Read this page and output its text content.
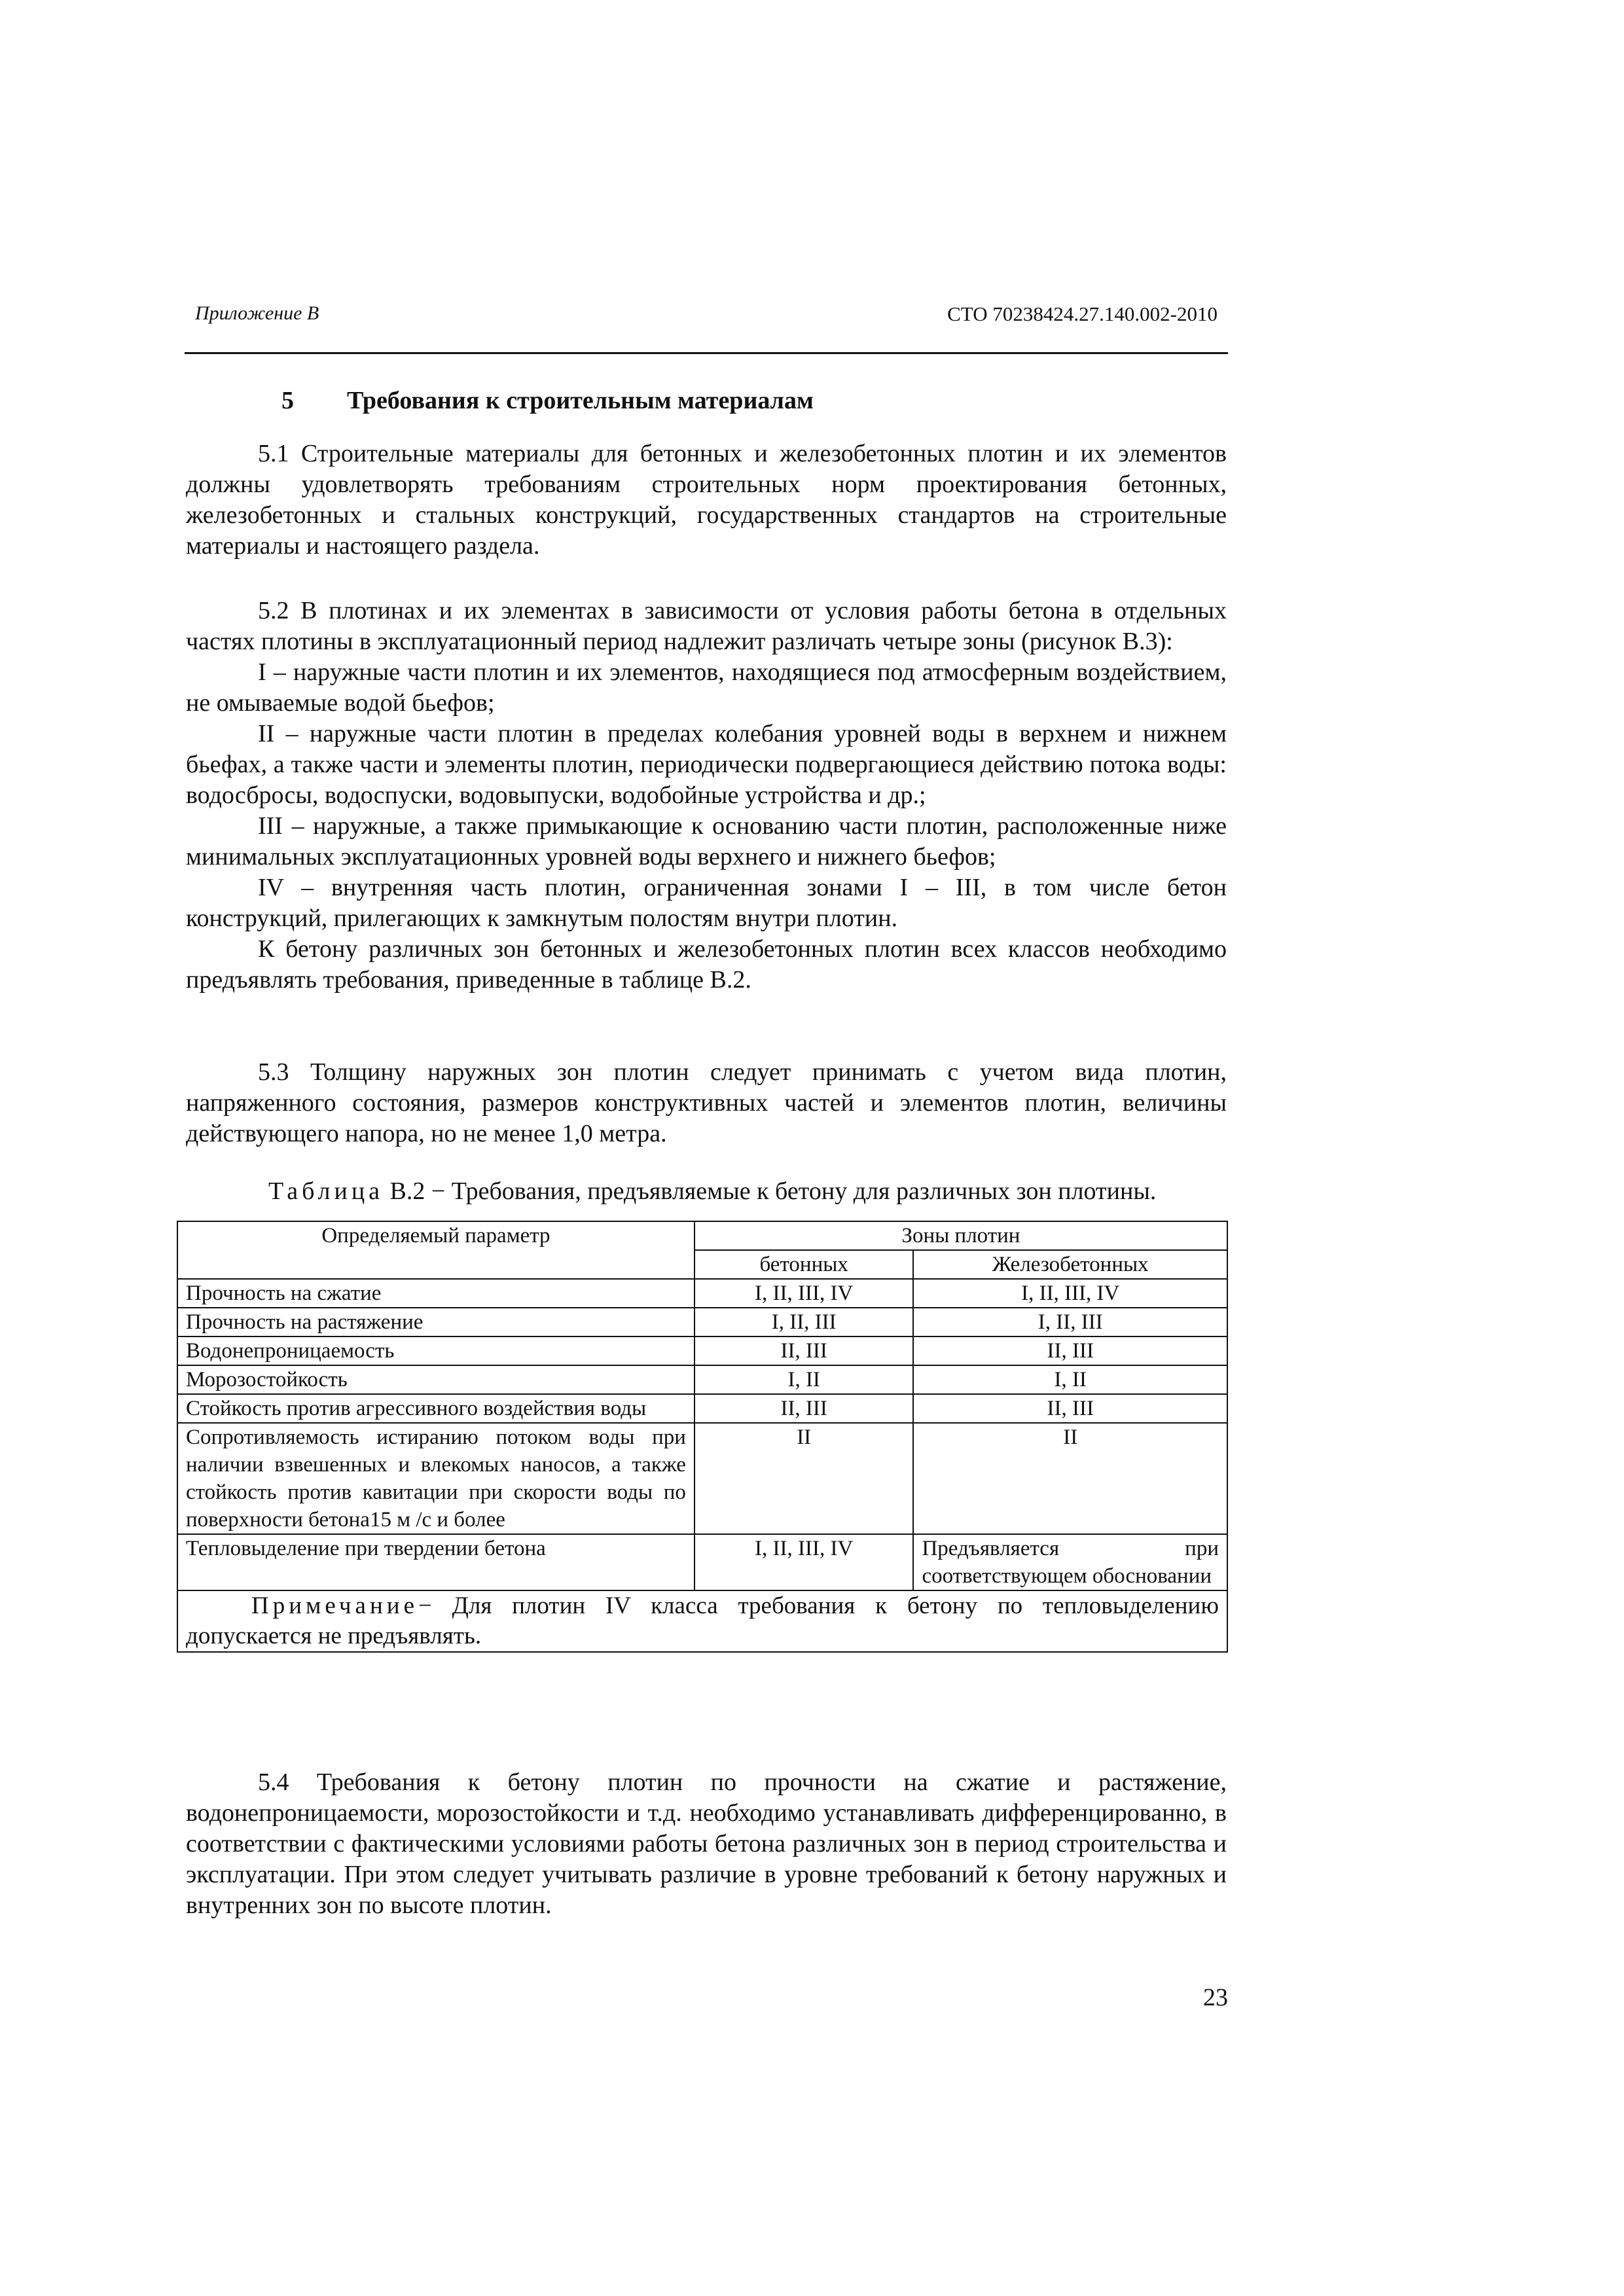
Приложение В	СТО 70238424.27.140.002-2010
5 Требования к строительным материалам

5.1 Строительные материалы для бетонных и железобетонных плотин и их элементов должны удовлетворять требованиям строительных норм проектирования бетонных, железобетонных и стальных конструкций, государственных стандартов на строительные материалы и настоящего раздела.

5.2 В плотинах и их элементах в зависимости от условия работы бетона в отдельных частях плотины в эксплуатационный период надлежит различать четыре зоны (рисунок В.3):

I – наружные части плотин и их элементов, находящиеся под атмосферным воздействием, не омываемые водой бьефов;

II – наружные части плотин в пределах колебания уровней воды в верхнем и нижнем бьефах, а также части и элементы плотин, периодически подвергающиеся действию потока воды: водосбросы, водоспуски, водовыпуски, водобойные устройства и др.;

III – наружные, а также примыкающие к основанию части плотин, расположенные ниже минимальных эксплуатационных уровней воды верхнего и нижнего бьефов;

IV – внутренняя часть плотин, ограниченная зонами I – III, в том числе бетон конструкций, прилегающих к замкнутым полостям внутри плотин.

К бетону различных зон бетонных и железобетонных плотин всех классов необходимо предъявлять требования, приведенные в таблице В.2.

5.3 Толщину наружных зон плотин следует принимать с учетом вида плотин, напряженного состояния, размеров конструктивных частей и элементов плотин, величины действующего напора, но не менее 1,0 метра.

Таблица В.2 − Требования, предъявляемые к бетону для различных зон плотины.
Определяемый параметр	Зоны плотин	
	бетонных	Железобетонных
Прочность на сжатие	I, II, III, IV	I, II, III, IV
Прочность на растяжение	I, II, III	I, II, III
Водонепроницаемость	II, III	II, III
Морозостойкость	I, II	I, II
Стойкость против агрессивного воздействия воды	II, III	II, III
Сопротивляемость истиранию потоком воды при наличии взвешенных и влекомых наносов, а также стойкость против кавитации при скорости воды по поверхности бетона15 м /с и более	II	II
Тепловыделение при твердении бетона	I, II, III, IV	Предъявляется при соответствующем обосновании
Примечание− Для плотин IV класса требования к бетону по тепловыделению допускается не предъявлять.		

5.4 Требования к бетону плотин по прочности на сжатие и растяжение, водонепроницаемости, морозостойкости и т.д. необходимо устанавливать дифференцированно, в соответствии с фактическими условиями работы бетона различных зон в период строительства и эксплуатации. При этом следует учитывать различие в уровне требований к бетону наружных и внутренних зон по высоте плотин.

23
